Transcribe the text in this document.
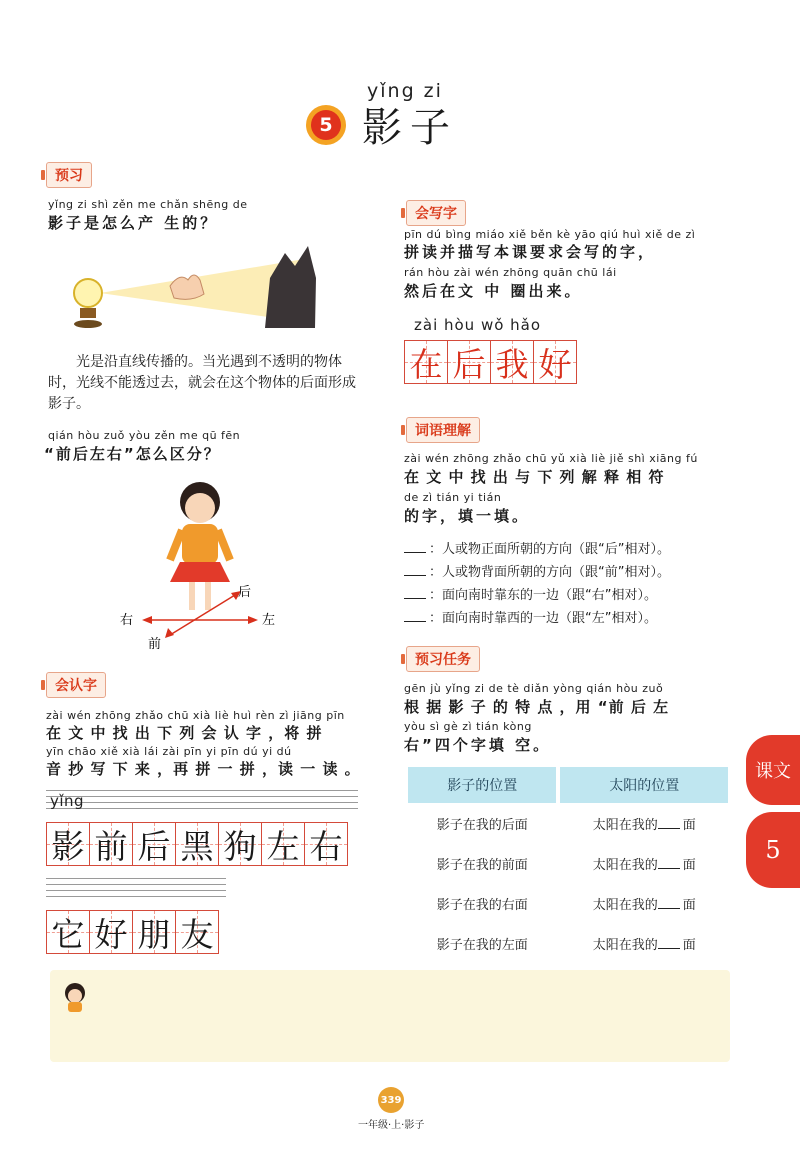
yǐng zi
5 影子
预习
yǐng zi shì zěn me chǎn shēng de
影子是怎么产 生的？
　　光是沿直线传播的。当光遇到不透明的物体时，光线不能透过去，就会在这个物体的后面形成影子。
qián hòu zuǒ yòu zěn me qū fēn
“前后左右”怎么区分？
后
右	左
前
会认字
zài wén zhōng zhǎo chū xià liè huì rèn zì jiāng pīn
在 文 中 找 出 下 列 会 认 字 ，将 拼
yīn chāo xiě xià lái zài pīn yi pīn dú yi dú
音 抄 写 下 来 ，再 拼 一 拼 ，读 一 读 。
yǐng
影 前 后 黑 狗 左 右
它 好 朋 友
会写字
pīn dú bìng miáo xiě běn kè yāo qiú huì xiě de zì
拼读并描写本课要求会写的字，
rán hòu zài wén zhōng quān chū lái
然后在文 中 圈出来。
zài hòu wǒ hǎo
在 后 我 好
词语理解
zài wén zhōng zhǎo chū yǔ xià liè jiě shì xiāng fú
在 文 中 找 出 与 下 列 解 释 相 符
de zì tián yi tián
的字，填一填。
：人或物正面所朝的方向（跟“后”相对）。
：人或物背面所朝的方向（跟“前”相对）。
：面向南时靠东的一边（跟“右”相对）。
：面向南时靠西的一边（跟“左”相对）。
预习任务
gēn jù yǐng zi de tè diǎn yòng qián hòu zuǒ
根 据 影 子 的 特 点 ，用 “前 后 左
yòu sì gè zì tián kòng
右”四个字填 空。
影子的位置	太阳的位置
影子在我的后面	太阳在我的 面
影子在我的前面	太阳在我的 面
影子在我的右面	太阳在我的 面
影子在我的左面	太阳在我的 面
课文
5
339
一年级·上·影子
